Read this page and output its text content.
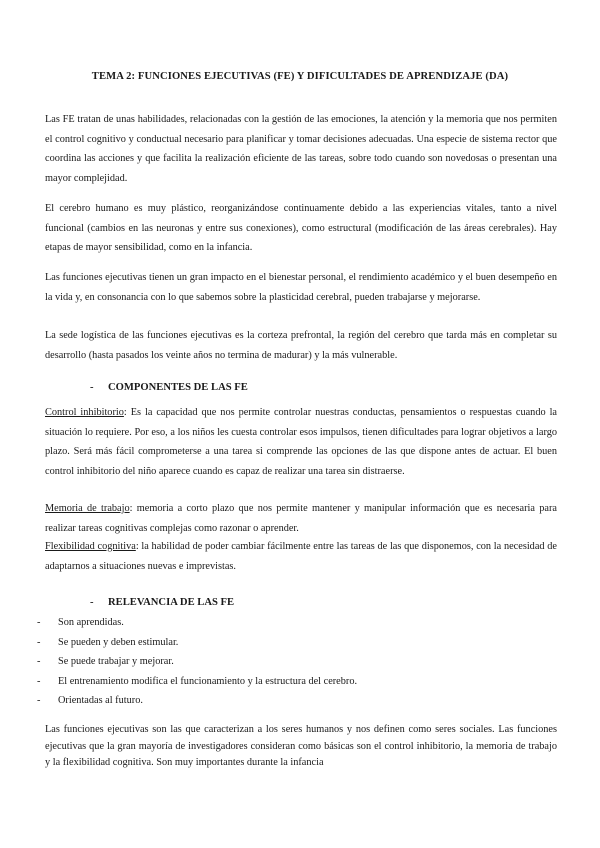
TEMA 2: FUNCIONES EJECUTIVAS (FE) Y DIFICULTADES DE APRENDIZAJE (DA)

Las FE tratan de unas habilidades, relacionadas con la gestión de las emociones, la atención y la memoria que nos permiten el control cognitivo y conductual necesario para planificar y tomar decisiones adecuadas. Una especie de sistema rector que coordina las acciones y que facilita la realización eficiente de las tareas, sobre todo cuando son novedosas o presentan una mayor complejidad.

El cerebro humano es muy plástico, reorganizándose continuamente debido a las experiencias vitales, tanto a nivel funcional (cambios en las neuronas y entre sus conexiones), como estructural (modificación de las áreas cerebrales). Hay etapas de mayor sensibilidad, como en la infancia.

Las funciones ejecutivas tienen un gran impacto en el bienestar personal, el rendimiento académico y el buen desempeño en la vida y, en consonancia con lo que sabemos sobre la plasticidad cerebral, pueden trabajarse y mejorarse.

La sede logística de las funciones ejecutivas es la corteza prefrontal, la región del cerebro que tarda más en completar su desarrollo (hasta pasados los veinte años no termina de madurar) y la más vulnerable.

- COMPONENTES DE LAS FE

Control inhibitorio: Es la capacidad que nos permite controlar nuestras conductas, pensamientos o respuestas cuando la situación lo requiere. Por eso, a los niños les cuesta controlar esos impulsos, tienen dificultades para lograr objetivos a largo plazo. Será más fácil comprometerse a una tarea si comprende las opciones de las que dispone antes de actuar. El buen control inhibitorio del niño aparece cuando es capaz de realizar una tarea sin distraerse.

Memoria de trabajo: memoria a corto plazo que nos permite mantener y manipular información que es necesaria para realizar tareas cognitivas complejas como razonar o aprender.

Flexibilidad cognitiva: la habilidad de poder cambiar fácilmente entre las tareas de las que disponemos, con la necesidad de adaptarnos a situaciones nuevas e imprevistas.

- RELEVANCIA DE LAS FE
- Son aprendidas.
- Se pueden y deben estimular.
- Se puede trabajar y mejorar.
- El entrenamiento modifica el funcionamiento y la estructura del cerebro.
- Orientadas al futuro.

Las funciones ejecutivas son las que caracterizan a los seres humanos y nos definen como seres sociales. Las funciones ejecutivas que la gran mayoría de investigadores consideran como básicas son el control inhibitorio, la memoria de trabajo y la flexibilidad cognitiva. Son muy importantes durante la infancia
